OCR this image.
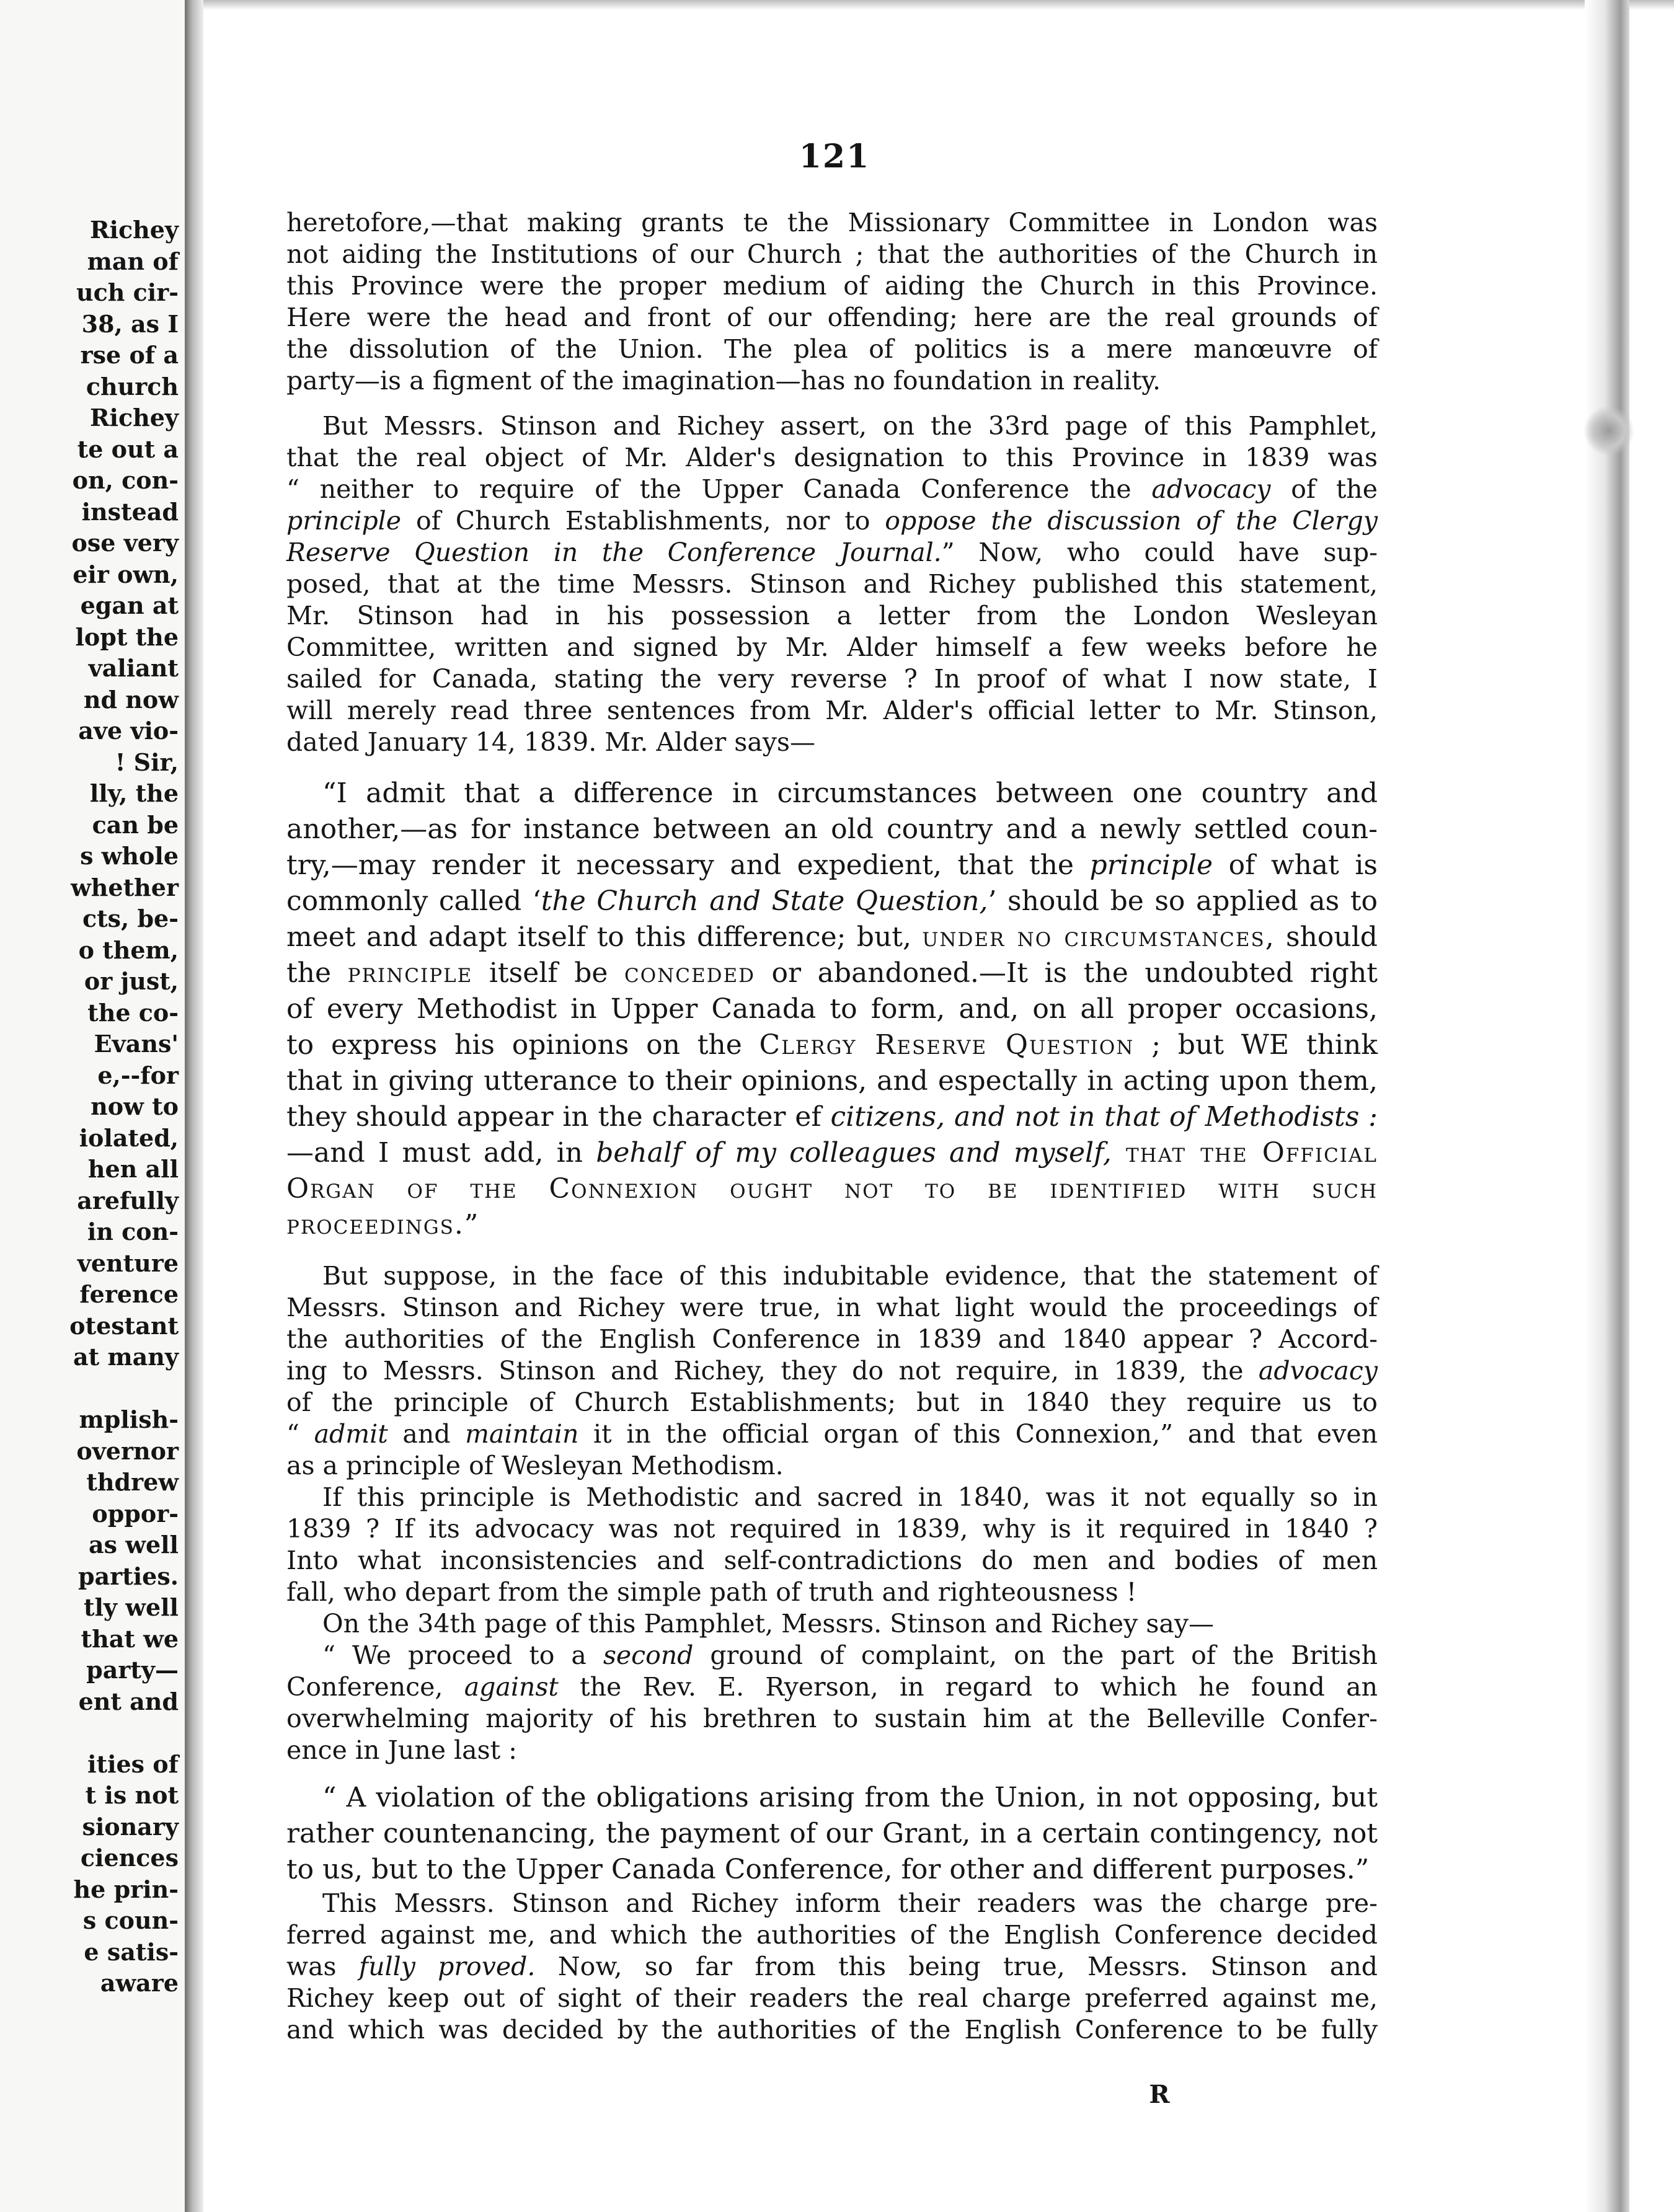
Richey
man of
uch cir-
38, as I
rse of a
church
Richey
te out a
on, con-
instead
ose very
eir own,
egan at
lopt the
valiant
nd now
ave vio-
! Sir,
lly, the
can be
s whole
whether
cts, be-
o them,
or just,
the co-
Evans'
e,--for
now to
iolated,
hen all
arefully
in con-
venture
ference
otestant
at many
mplish-
overnor
thdrew
oppor-
as well
parties.
tly well
that we
party—
ent and
ities of
t is not
sionary
ciences
he prin-
s coun-
e satis-
aware
121
heretofore,—that making grants te the Missionary Committee in London was
not aiding the Institutions of our Church ; that the authorities of the Church in
this Province were the proper medium of aiding the Church in this Province.
Here were the head and front of our offending; here are the real grounds of
the dissolution of the Union. The plea of politics is a mere manœuvre of
party—is a figment of the imagination—has no foundation in reality.
But Messrs. Stinson and Richey assert, on the 33rd page of this Pamphlet,
that the real object of Mr. Alder's designation to this Province in 1839 was
“ neither to require of the Upper Canada Conference the advocacy of the
principle of Church Establishments, nor to oppose the discussion of the Clergy
Reserve Question in the Conference Journal.” Now, who could have sup-
posed, that at the time Messrs. Stinson and Richey published this statement,
Mr. Stinson had in his possession a letter from the London Wesleyan
Committee, written and signed by Mr. Alder himself a few weeks before he
sailed for Canada, stating the very reverse ? In proof of what I now state, I
will merely read three sentences from Mr. Alder's official letter to Mr. Stinson,
dated January 14, 1839. Mr. Alder says—
“I admit that a difference in circumstances between one country and
another,—as for instance between an old country and a newly settled coun-
try,—may render it necessary and expedient, that the principle of what is
commonly called ‘the Church and State Question,’ should be so applied as to
meet and adapt itself to this difference; but, under no circumstances, should
the principle itself be conceded or abandoned.—It is the undoubted right
of every Methodist in Upper Canada to form, and, on all proper occasions,
to express his opinions on the Clergy Reserve Question ; but WE think
that in giving utterance to their opinions, and espectally in acting upon them,
they should appear in the character ef citizens, and not in that of Methodists :
—and I must add, in behalf of my colleagues and myself, that the Official
Organ of the Connexion ought not to be identified with such
proceedings.”
But suppose, in the face of this indubitable evidence, that the statement of
Messrs. Stinson and Richey were true, in what light would the proceedings of
the authorities of the English Conference in 1839 and 1840 appear ? Accord-
ing to Messrs. Stinson and Richey, they do not require, in 1839, the advocacy
of the principle of Church Establishments; but in 1840 they require us to
“ admit and maintain it in the official organ of this Connexion,” and that even
as a principle of Wesleyan Methodism.
If this principle is Methodistic and sacred in 1840, was it not equally so in
1839 ? If its advocacy was not required in 1839, why is it required in 1840 ?
Into what inconsistencies and self-contradictions do men and bodies of men
fall, who depart from the simple path of truth and righteousness !
On the 34th page of this Pamphlet, Messrs. Stinson and Richey say—
“ We proceed to a second ground of complaint, on the part of the British
Conference, against the Rev. E. Ryerson, in regard to which he found an
overwhelming majority of his brethren to sustain him at the Belleville Confer-
ence in June last :
“ A violation of the obligations arising from the Union, in not opposing, but
rather countenancing, the payment of our Grant, in a certain contingency, not
to us, but to the Upper Canada Conference, for other and different purposes.”
This Messrs. Stinson and Richey inform their readers was the charge pre-
ferred against me, and which the authorities of the English Conference decided
was fully proved. Now, so far from this being true, Messrs. Stinson and
Richey keep out of sight of their readers the real charge preferred against me,
and which was decided by the authorities of the English Conference to be fully
R
